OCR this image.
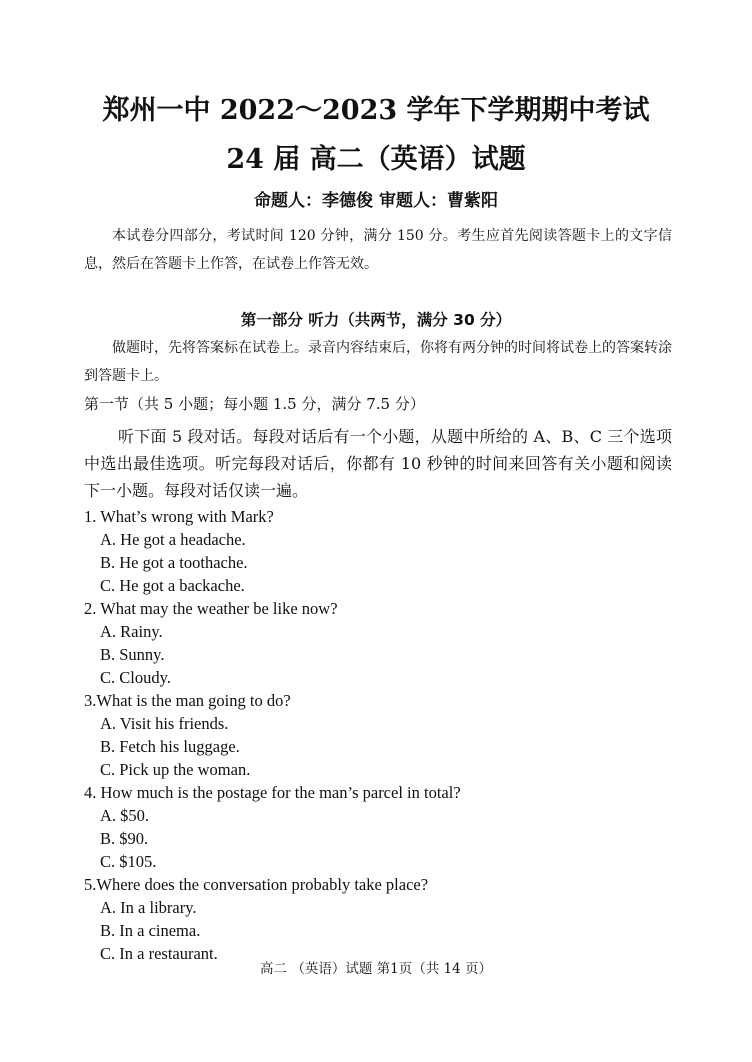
郑州一中 2022～2023 学年下学期期中考试
24 届 高二（英语）试题
命题人：李德俊 审题人：曹紫阳
本试卷分四部分，考试时间 120 分钟，满分 150 分。考生应首先阅读答题卡上的文字信息，然后在答题卡上作答，在试卷上作答无效。
第一部分 听力（共两节，满分 30 分）
做题时，先将答案标在试卷上。录音内容结束后，你将有两分钟的时间将试卷上的答案转涂到答题卡上。
第一节（共 5 小题；每小题 1.5 分，满分 7.5 分）
听下面 5 段对话。每段对话后有一个小题，从题中所给的 A、B、C 三个选项中选出最佳选项。听完每段对话后，你都有 10 秒钟的时间来回答有关小题和阅读下一小题。每段对话仅读一遍。
1. What’s wrong with Mark?
A. He got a headache.
B. He got a toothache.
C. He got a backache.
2. What may the weather be like now?
A. Rainy.
B. Sunny.
C. Cloudy.
3.What is the man going to do?
A. Visit his friends.
B. Fetch his luggage.
C. Pick up the woman.
4. How much is the postage for the man’s parcel in total?
A. $50.
B. $90.
C. $105.
5.Where does the conversation probably take place?
A. In a library.
B. In a cinema.
C. In a restaurant.
高二 （英语）试题 第1页（共 14 页）
